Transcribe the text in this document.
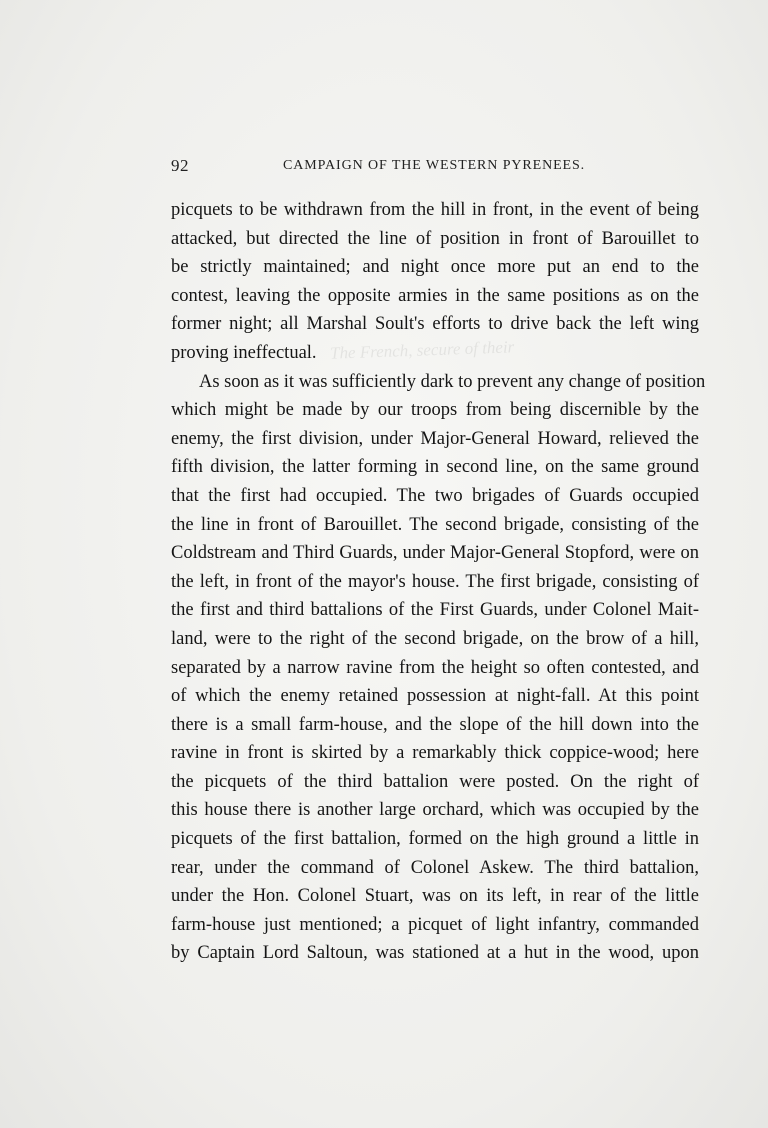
The French, secure of their
92	CAMPAIGN OF THE WESTERN PYRENEES.
picquets to be withdrawn from the hill in front, in the event of being
attacked, but directed the line of position in front of Barouillet to
be strictly maintained; and night once more put an end to the
contest, leaving the opposite armies in the same positions as on the
former night; all Marshal Soult's efforts to drive back the left wing
proving ineffectual.
As soon as it was sufficiently dark to prevent any change of position
which might be made by our troops from being discernible by the
enemy, the first division, under Major-General Howard, relieved the
fifth division, the latter forming in second line, on the same ground
that the first had occupied. The two brigades of Guards occupied
the line in front of Barouillet. The second brigade, consisting of the
Coldstream and Third Guards, under Major-General Stopford, were on
the left, in front of the mayor's house. The first brigade, consisting of
the first and third battalions of the First Guards, under Colonel Mait-
land, were to the right of the second brigade, on the brow of a hill,
separated by a narrow ravine from the height so often contested, and
of which the enemy retained possession at night-fall. At this point
there is a small farm-house, and the slope of the hill down into the
ravine in front is skirted by a remarkably thick coppice-wood; here
the picquets of the third battalion were posted. On the right of
this house there is another large orchard, which was occupied by the
picquets of the first battalion, formed on the high ground a little in
rear, under the command of Colonel Askew. The third battalion,
under the Hon. Colonel Stuart, was on its left, in rear of the little
farm-house just mentioned; a picquet of light infantry, commanded
by Captain Lord Saltoun, was stationed at a hut in the wood, upon
